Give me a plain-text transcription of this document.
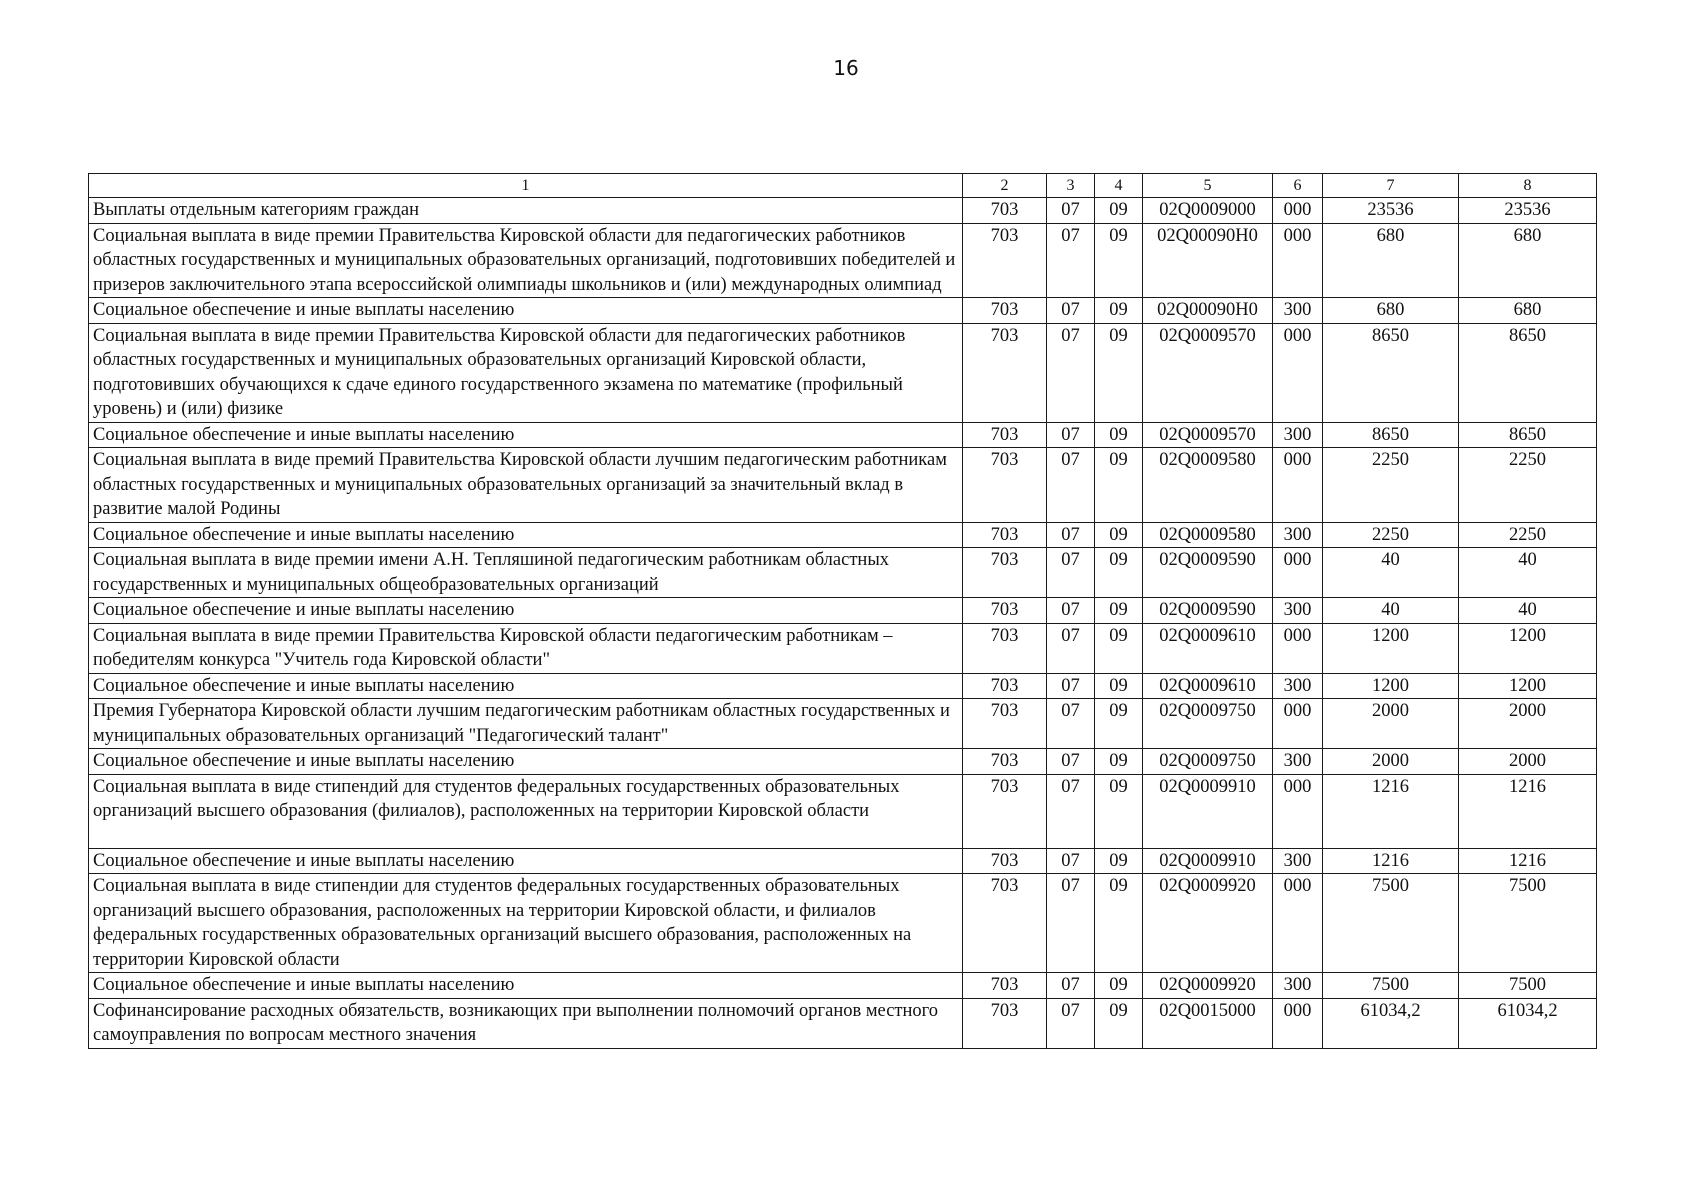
16
1	2	3	4	5	6	7	8
Выплаты отдельным категориям граждан	703	07	09	02Q0009000	000	23536	23536
Социальная выплата в виде премии Правительства Кировской области для педагогических работников областных государственных и муниципальных образовательных организаций, подготовивших победителей и призеров заключительного этапа всероссийской олимпиады школьников и (или) международных олимпиад	703	07	09	02Q00090H0	000	680	680
Социальное обеспечение и иные выплаты населению	703	07	09	02Q00090H0	300	680	680
Социальная выплата в виде премии Правительства Кировской области для педагогических работников областных государственных и муниципальных образовательных организаций Кировской области, подготовивших обучающихся к сдаче единого государственного экзамена по математике (профильный уровень) и (или) физике	703	07	09	02Q0009570	000	8650	8650
Социальное обеспечение и иные выплаты населению	703	07	09	02Q0009570	300	8650	8650
Социальная выплата в виде премий Правительства Кировской области лучшим педагогическим работникам областных государственных и муниципальных образовательных организаций за значительный вклад в развитие малой Родины	703	07	09	02Q0009580	000	2250	2250
Социальное обеспечение и иные выплаты населению	703	07	09	02Q0009580	300	2250	2250
Социальная выплата в виде премии имени А.Н. Тепляшиной педагогическим работникам областных государственных и муниципальных общеобразовательных организаций	703	07	09	02Q0009590	000	40	40
Социальное обеспечение и иные выплаты населению	703	07	09	02Q0009590	300	40	40
Социальная выплата в виде премии Правительства Кировской области педагогическим работникам – победителям конкурса "Учитель года Кировской области"	703	07	09	02Q0009610	000	1200	1200
Социальное обеспечение и иные выплаты населению	703	07	09	02Q0009610	300	1200	1200
Премия Губернатора Кировской области лучшим педагогическим работникам областных государственных и муниципальных образовательных организаций "Педагогический талант"	703	07	09	02Q0009750	000	2000	2000
Социальное обеспечение и иные выплаты населению	703	07	09	02Q0009750	300	2000	2000
Социальная выплата в виде стипендий для студентов федеральных государственных образовательных организаций высшего образования (филиалов), расположенных на территории Кировской области	703	07	09	02Q0009910	000	1216	1216
Социальное обеспечение и иные выплаты населению	703	07	09	02Q0009910	300	1216	1216
Социальная выплата в виде стипендии для студентов федеральных государственных образовательных организаций высшего образования, расположенных на территории Кировской области, и филиалов федеральных государственных образовательных организаций высшего образования, расположенных на территории Кировской области	703	07	09	02Q0009920	000	7500	7500
Социальное обеспечение и иные выплаты населению	703	07	09	02Q0009920	300	7500	7500
Софинансирование расходных обязательств, возникающих при выполнении полномочий органов местного самоуправления по вопросам местного значения	703	07	09	02Q0015000	000	61034,2	61034,2
